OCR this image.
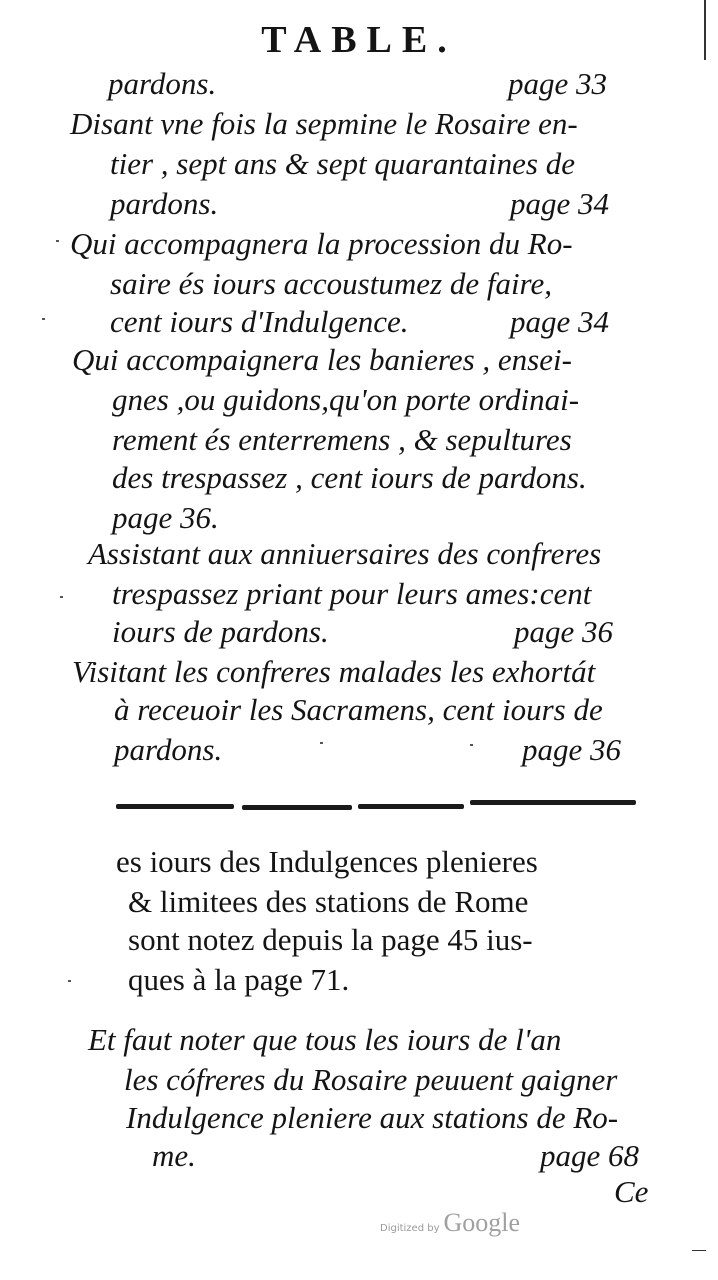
TABLE.
pardons.	page 33
Disant vne fois la sepmine le Rosaire en-
tier , sept ans & sept quarantaines de
pardons.	page 34
Qui accompagnera la procession du Ro-
saire és iours accoustumez de faire,
cent iours d'Indulgence.	page 34
Qui accompaignera les banieres , ensei-
gnes ,ou guidons,qu'on porte ordinai-
rement és enterremens , & sepultures
des trespassez , cent iours de pardons.
page 36.
Assistant aux anniuersaires des confreres
trespassez priant pour leurs ames:cent
iours de pardons.	page 36
Visitant les confreres malades les exhortát
à receuoir les Sacramens, cent iours de
pardons.	page 36
es iours des Indulgences plenieres
& limitees des stations de Rome
sont notez depuis la page 45 ius-
ques à la page 71.
Et faut noter que tous les iours de l'an
les cófreres du Rosaire peuuent gaigner
Indulgence pleniere aux stations de Ro-
me.	page 68
Ce
Digitized by Google
